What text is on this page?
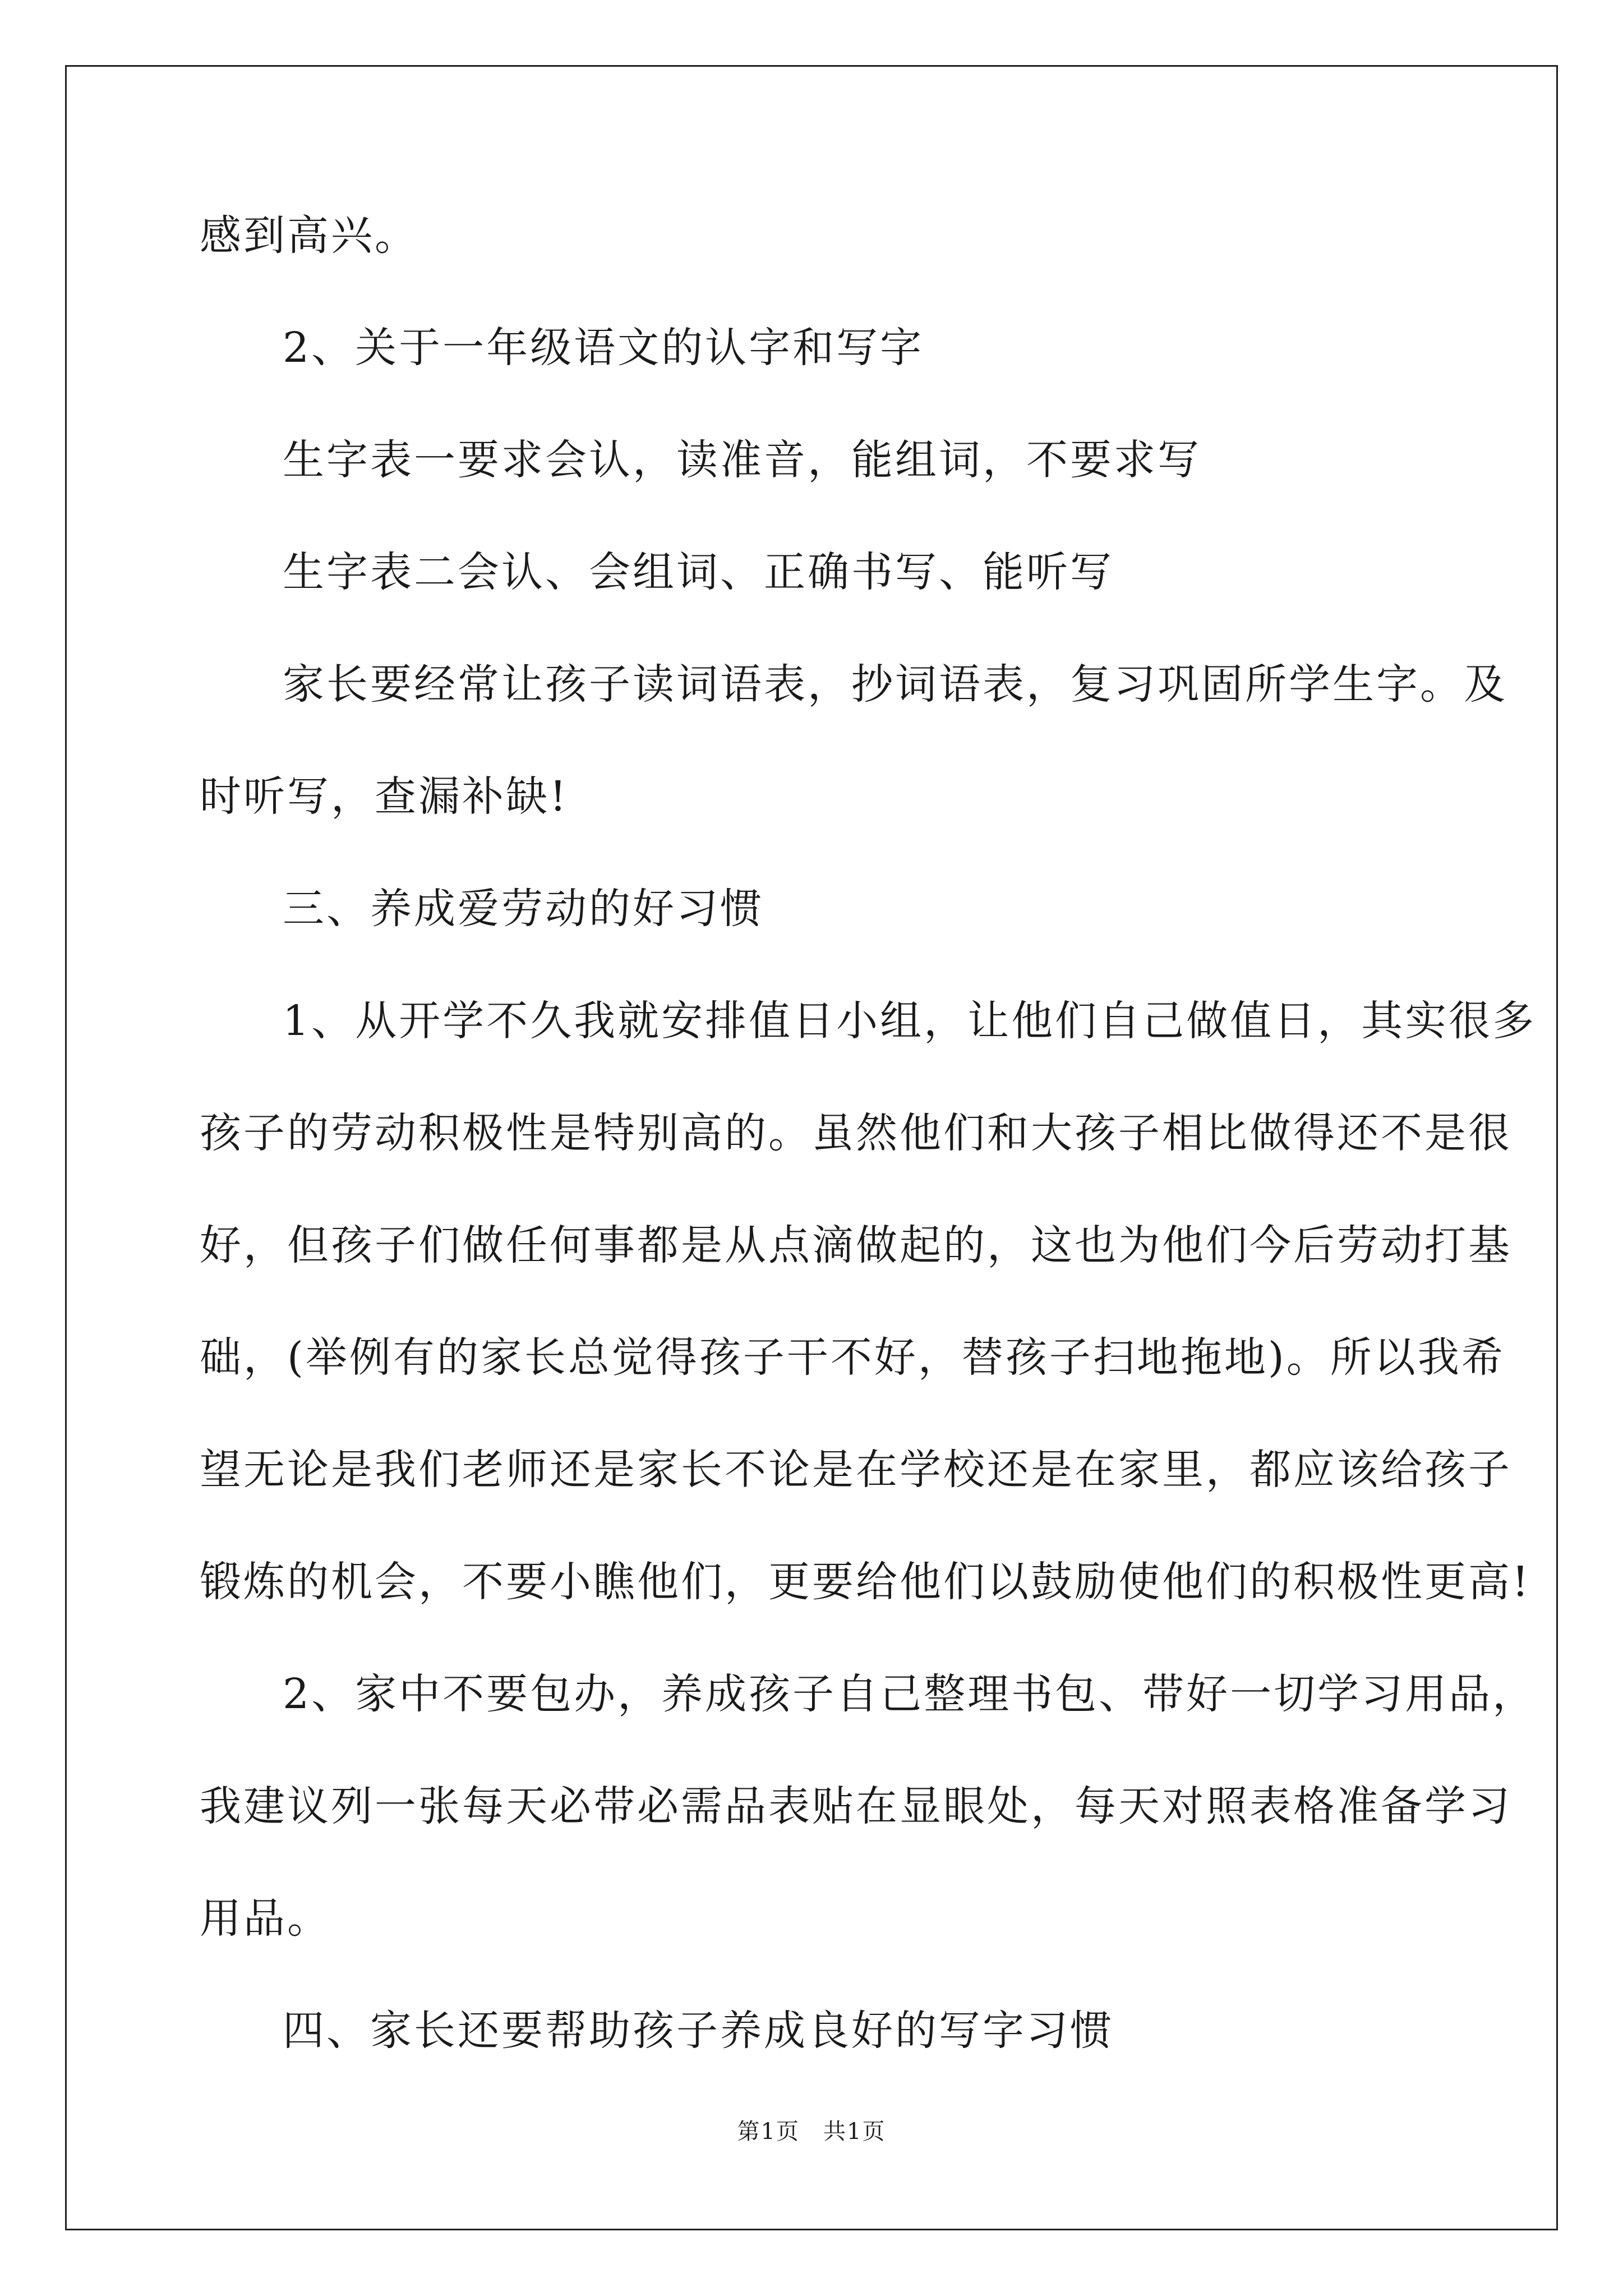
感到高兴。
2、关于一年级语文的认字和写字
生字表一要求会认，读准音，能组词，不要求写
生字表二会认、会组词、正确书写、能听写
家长要经常让孩子读词语表，抄词语表，复习巩固所学生字。及
时听写，查漏补缺!
三、养成爱劳动的好习惯
1、从开学不久我就安排值日小组，让他们自己做值日，其实很多
孩子的劳动积极性是特别高的。虽然他们和大孩子相比做得还不是很
好，但孩子们做任何事都是从点滴做起的，这也为他们今后劳动打基
础，(举例有的家长总觉得孩子干不好，替孩子扫地拖地)。所以我希
望无论是我们老师还是家长不论是在学校还是在家里，都应该给孩子
锻炼的机会，不要小瞧他们，更要给他们以鼓励使他们的积极性更高!
2、家中不要包办，养成孩子自己整理书包、带好一切学习用品，
我建议列一张每天必带必需品表贴在显眼处，每天对照表格准备学习
用品。
四、家长还要帮助孩子养成良好的写字习惯
第1页　共1页
